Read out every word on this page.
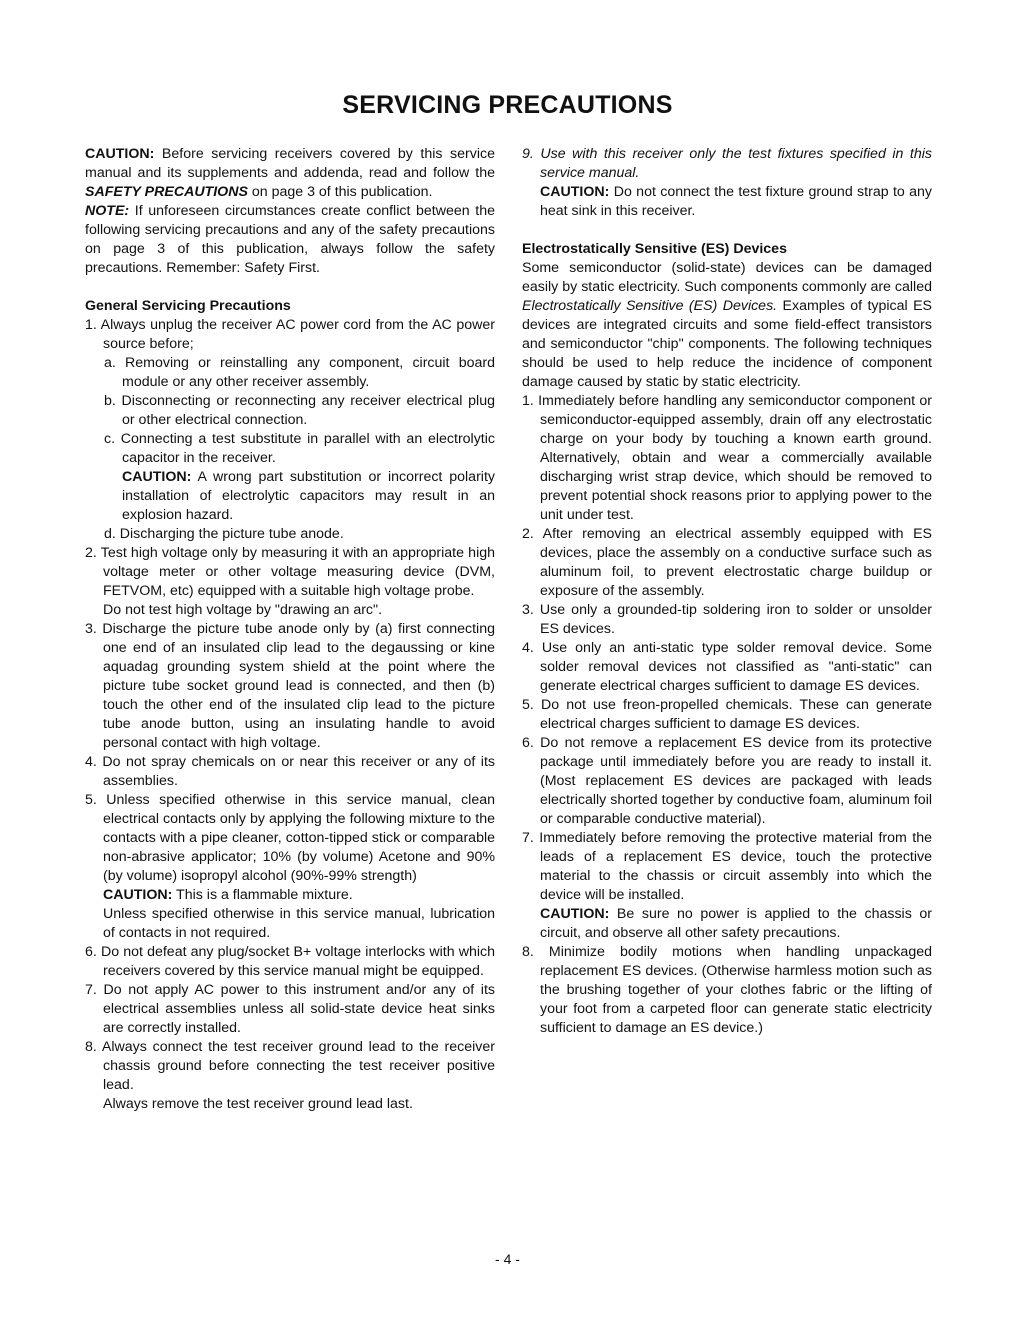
SERVICING PRECAUTIONS

CAUTION: Before servicing receivers covered by this service manual and its supplements and addenda, read and follow the SAFETY PRECAUTIONS on page 3 of this publication.

NOTE: If unforeseen circumstances create conflict between the following servicing precautions and any of the safety precautions on page 3 of this publication, always follow the safety precautions. Remember: Safety First.

General Servicing Precautions

1. Always unplug the receiver AC power cord from the AC power source before;

a. Removing or reinstalling any component, circuit board module or any other receiver assembly.

b. Disconnecting or reconnecting any receiver electrical plug or other electrical connection.

c. Connecting a test substitute in parallel with an electrolytic capacitor in the receiver.

CAUTION: A wrong part substitution or incorrect polarity installation of electrolytic capacitors may result in an explosion hazard.

d. Discharging the picture tube anode.

2. Test high voltage only by measuring it with an appropriate high voltage meter or other voltage measuring device (DVM, FETVOM, etc) equipped with a suitable high voltage probe.

Do not test high voltage by "drawing an arc".

3. Discharge the picture tube anode only by (a) first connecting one end of an insulated clip lead to the degaussing or kine aquadag grounding system shield at the point where the picture tube socket ground lead is connected, and then (b) touch the other end of the insulated clip lead to the picture tube anode button, using an insulating handle to avoid personal contact with high voltage.

4. Do not spray chemicals on or near this receiver or any of its assemblies.

5. Unless specified otherwise in this service manual, clean electrical contacts only by applying the following mixture to the contacts with a pipe cleaner, cotton-tipped stick or comparable non-abrasive applicator; 10% (by volume) Acetone and 90% (by volume) isopropyl alcohol (90%-99% strength)

CAUTION: This is a flammable mixture.

Unless specified otherwise in this service manual, lubrication of contacts in not required.

6. Do not defeat any plug/socket B+ voltage interlocks with which receivers covered by this service manual might be equipped.

7. Do not apply AC power to this instrument and/or any of its electrical assemblies unless all solid-state device heat sinks are correctly installed.

8. Always connect the test receiver ground lead to the receiver chassis ground before connecting the test receiver positive lead.

Always remove the test receiver ground lead last.

9. Use with this receiver only the test fixtures specified in this service manual.

CAUTION: Do not connect the test fixture ground strap to any heat sink in this receiver.

Electrostatically Sensitive (ES) Devices

Some semiconductor (solid-state) devices can be damaged easily by static electricity. Such components commonly are called Electrostatically Sensitive (ES) Devices. Examples of typical ES devices are integrated circuits and some field-effect transistors and semiconductor "chip" components. The following techniques should be used to help reduce the incidence of component damage caused by static by static electricity.

1. Immediately before handling any semiconductor component or semiconductor-equipped assembly, drain off any electrostatic charge on your body by touching a known earth ground. Alternatively, obtain and wear a commercially available discharging wrist strap device, which should be removed to prevent potential shock reasons prior to applying power to the unit under test.

2. After removing an electrical assembly equipped with ES devices, place the assembly on a conductive surface such as aluminum foil, to prevent electrostatic charge buildup or exposure of the assembly.

3. Use only a grounded-tip soldering iron to solder or unsolder ES devices.

4. Use only an anti-static type solder removal device. Some solder removal devices not classified as "anti-static" can generate electrical charges sufficient to damage ES devices.

5. Do not use freon-propelled chemicals. These can generate electrical charges sufficient to damage ES devices.

6. Do not remove a replacement ES device from its protective package until immediately before you are ready to install it. (Most replacement ES devices are packaged with leads electrically shorted together by conductive foam, aluminum foil or comparable conductive material).

7. Immediately before removing the protective material from the leads of a replacement ES device, touch the protective material to the chassis or circuit assembly into which the device will be installed.

CAUTION: Be sure no power is applied to the chassis or circuit, and observe all other safety precautions.

8. Minimize bodily motions when handling unpackaged replacement ES devices. (Otherwise harmless motion such as the brushing together of your clothes fabric or the lifting of your foot from a carpeted floor can generate static electricity sufficient to damage an ES device.)

- 4 -
